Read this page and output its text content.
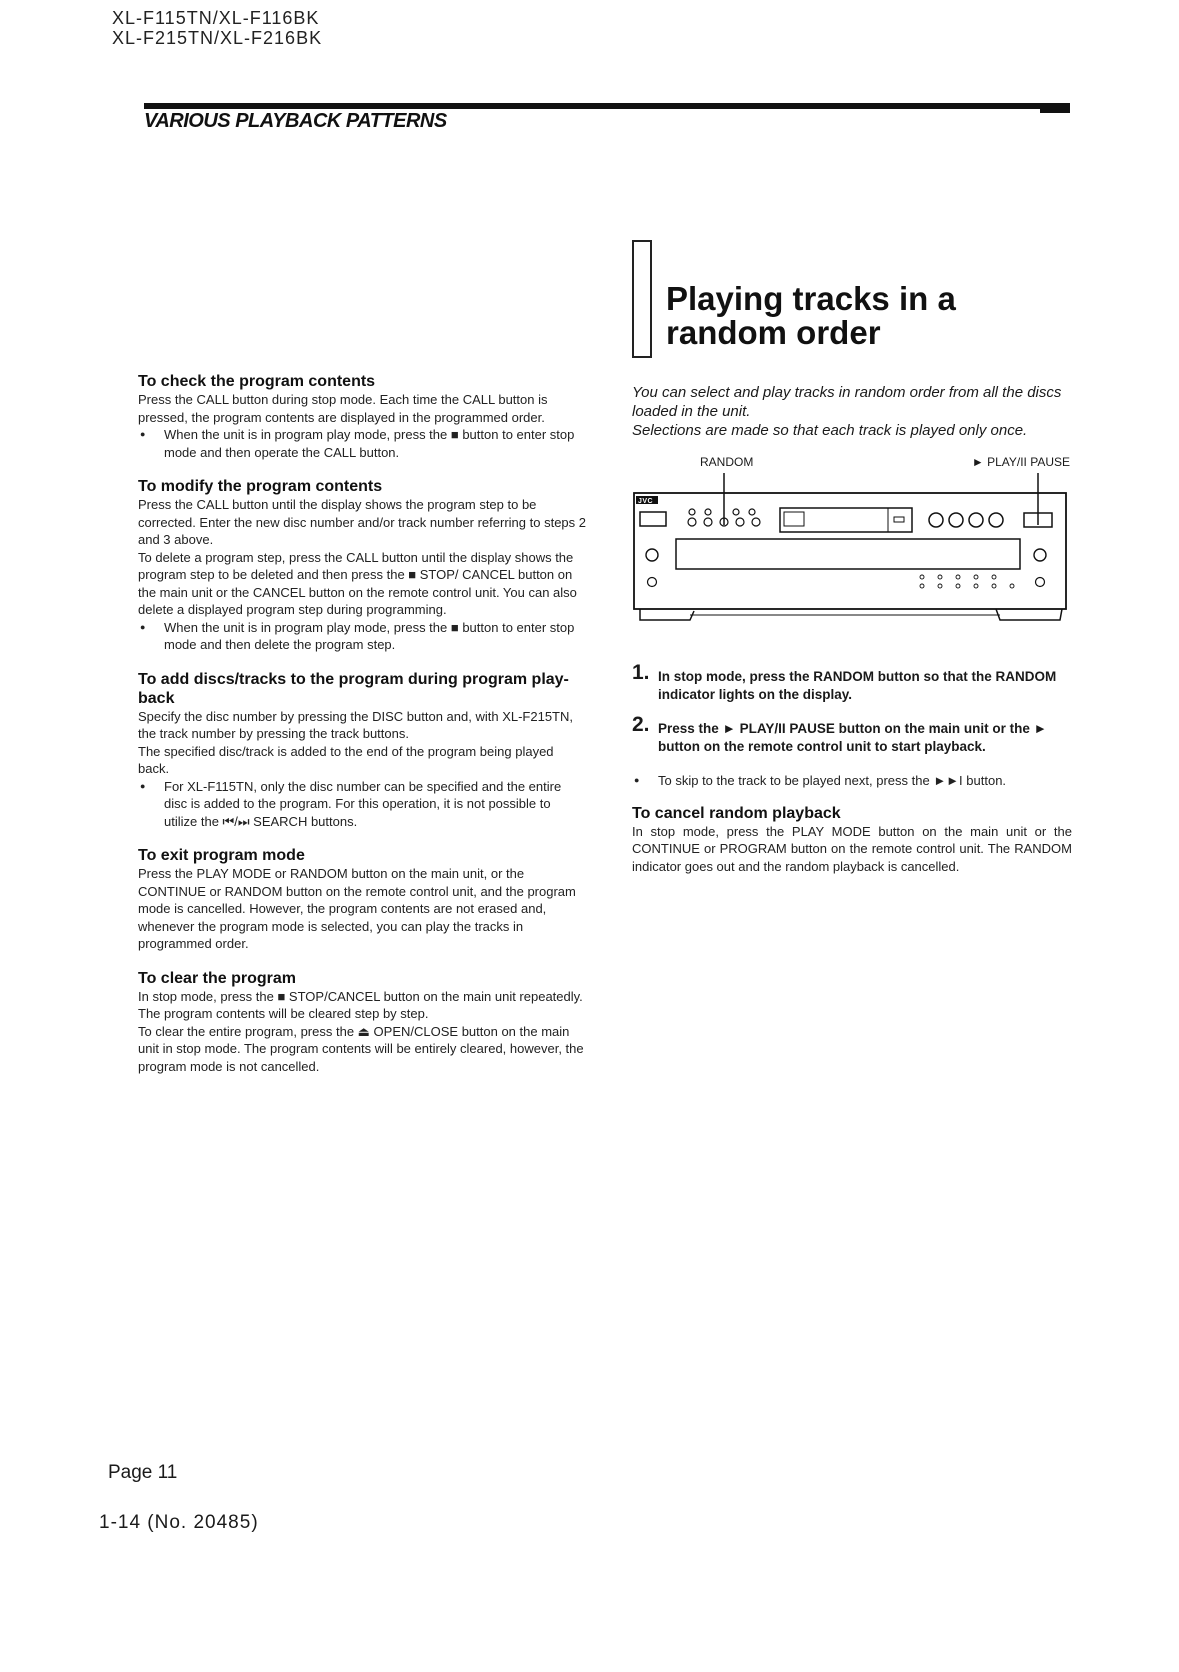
XL-F115TN/XL-F116BK
XL-F215TN/XL-F216BK
VARIOUS PLAYBACK PATTERNS

To check the program contents

Press the CALL button during stop mode. Each time the CALL button is pressed, the program contents are displayed in the programmed order.

● When the unit is in program play mode, press the ■ button to enter stop mode and then operate the CALL button.

To modify the program contents

Press the CALL button until the display shows the program step to be corrected. Enter the new disc number and/or track number referring to steps 2 and 3 above.

To delete a program step, press the CALL button until the display shows the program step to be deleted and then press the ■ STOP/ CANCEL button on the main unit or the CANCEL button on the remote control unit. You can also delete a displayed program step during programming.

● When the unit is in program play mode, press the ■ button to enter stop mode and then delete the program step.

To add discs/tracks to the program during program play-back

Specify the disc number by pressing the DISC button and, with XL-F215TN, the track number by pressing the track buttons.

The specified disc/track is added to the end of the program being played back.

● For XL-F115TN, only the disc number can be specified and the entire disc is added to the program. For this operation, it is not possible to utilize the ⏮/⏭ SEARCH buttons.

To exit program mode

Press the PLAY MODE or RANDOM button on the main unit, or the CONTINUE or RANDOM button on the remote control unit, and the program mode is cancelled. However, the program contents are not erased and, whenever the program mode is selected, you can play the tracks in programmed order.

To clear the program

In stop mode, press the ■ STOP/CANCEL button on the main unit repeatedly. The program contents will be cleared step by step.

To clear the entire program, press the ⏏ OPEN/CLOSE button on the main unit in stop mode. The program contents will be entirely cleared, however, the program mode is not cancelled.

Playing tracks in a
random order
You can select and play tracks in random order from all the discs loaded in the unit.
Selections are made so that each track is played only once.
RANDOM	► PLAY/II PAUSE
JVC
1. In stop mode, press the RANDOM button so that the RANDOM indicator lights on the display.
2. Press the ► PLAY/II PAUSE button on the main unit or the ► button on the remote control unit to start playback.

● To skip to the track to be played next, press the ►►I button.

To cancel random playback

In stop mode, press the PLAY MODE button on the main unit or the CONTINUE or PROGRAM button on the remote control unit. The RANDOM indicator goes out and the random playback is cancelled.

Page 11
1-14 (No. 20485)
